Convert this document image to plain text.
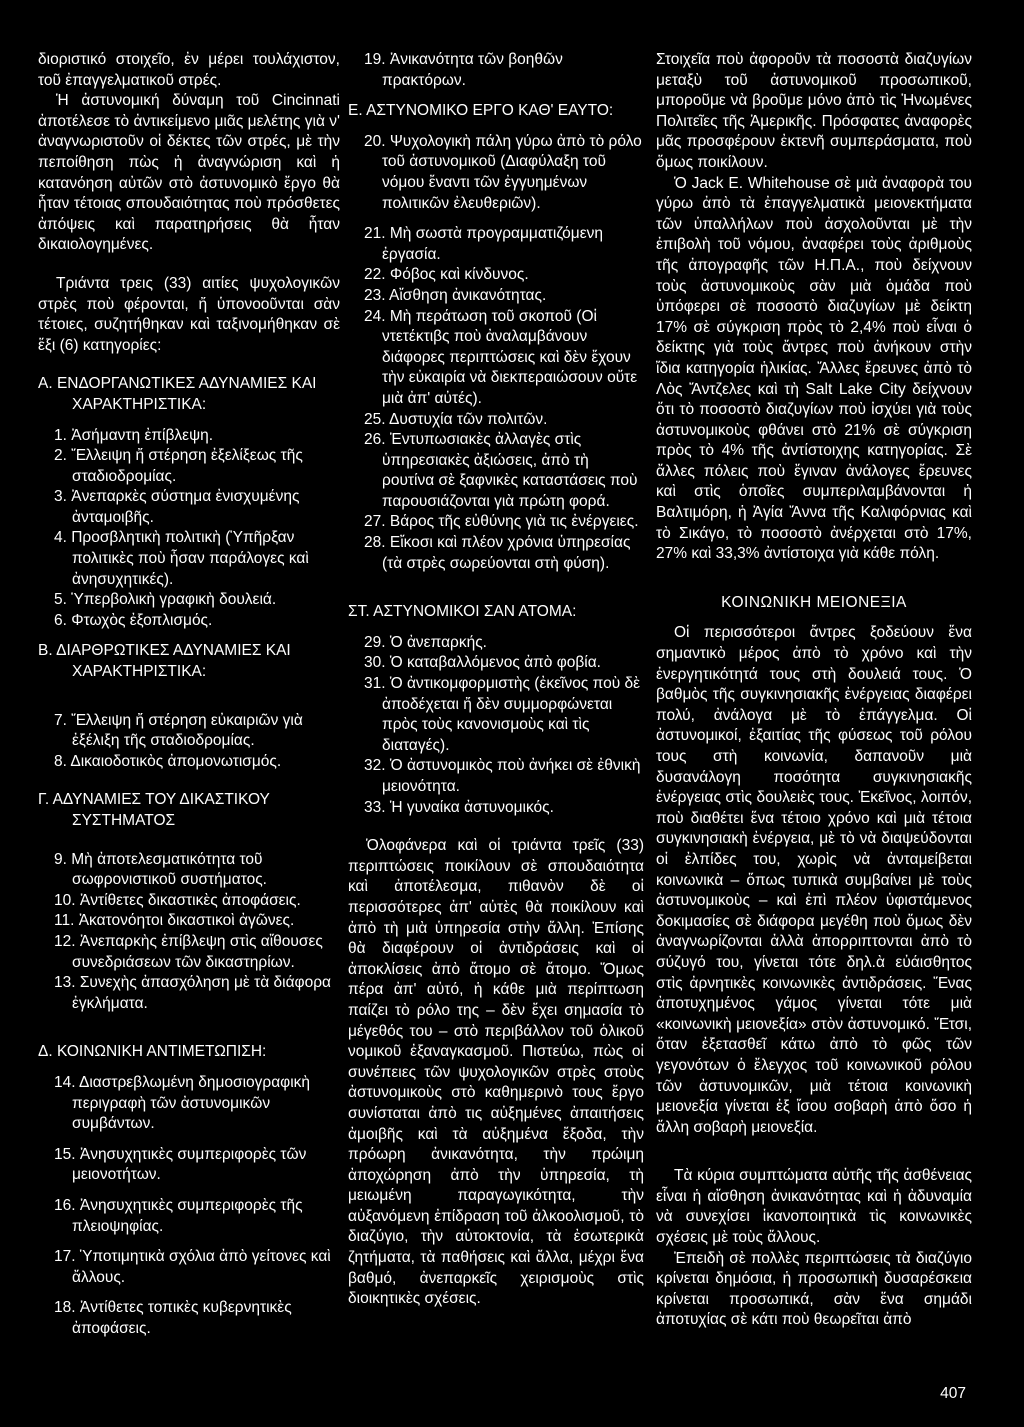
διοριστικό στοιχεῖο, ἐν μέρει τουλάχιστον, τοῦ ἐπαγγελματικοῦ στρές.

Ἡ ἀστυνομική δύναμη τοῦ Cincinnati ἀποτέλεσε τὸ ἀντικείμενο μιᾶς μελέτης γιὰ ν' ἀναγνωριστοῦν οἱ δέκτες τῶν στρές, μὲ τὴν πεποίθηση πὼς ἡ ἀναγνώριση καὶ ἡ κατανόηση αὐτῶν στὸ ἀστυνομικὸ ἔργο θὰ ἦταν τέτοιας σπουδαιότητας ποὺ πρόσθετες ἀπόψεις καὶ παρατηρήσεις θὰ ἦταν δικαιολογημένες.

Τριάντα τρεις (33) αιτίες ψυχολογικῶν στρὲς ποὺ φέρονται, ἤ ὑπονοοῦνται σὰν τέτοιες, συζητήθηκαν καὶ ταξινομήθηκαν σὲ ἕξι (6) κατηγορίες:

Α. ΕΝΔΟΡΓΑΝΩΤΙΚΕΣ ΑΔΥΝΑΜΙΕΣ ΚΑΙ ΧΑΡΑΚΤΗΡΙΣΤΙΚΑ:

1. Ἀσήμαντη ἐπίβλεψη.

2. Ἔλλειψη ἤ στέρηση ἐξελίξεως τῆς σταδιοδρομίας.

3. Ἀνεπαρκὲς σύστημα ἐνισχυμένης ἀνταμοιβῆς.

4. Προσβλητικὴ πολιτικὴ (Ὑπῆρξαν πολιτικὲς ποὺ ἦσαν παράλογες καὶ ἀνησυχητικές).

5. Ὑπερβολικὴ γραφικὴ δουλειά.

6. Φτωχὸς ἐξοπλισμός.

Β. ΔΙΑΡΘΡΩΤΙΚΕΣ ΑΔΥΝΑΜΙΕΣ ΚΑΙ ΧΑΡΑΚΤΗΡΙΣΤΙΚΑ:

7. Ἔλλειψη ἤ στέρηση εὐκαιριῶν γιὰ ἐξέλιξη τῆς σταδιοδρομίας.

8. Δικαιοδοτικὸς ἀπομονωτισμός.

Γ. ΑΔΥΝΑΜΙΕΣ ΤΟΥ ΔΙΚΑΣΤΙΚΟΥ ΣΥΣΤΗΜΑΤΟΣ

9. Μὴ ἀποτελεσματικότητα τοῦ σωφρονιστικοῦ συστήματος.

10. Ἀντίθετες δικαστικὲς ἀποφάσεις.

11. Ἀκατονόητοι δικαστικοὶ ἀγῶνες.

12. Ἀνεπαρκὴς ἐπίβλεψη στὶς αἴθουσες συνεδριάσεων τῶν δικαστηρίων.

13. Συνεχὴς ἀπασχόληση μὲ τὰ διάφορα ἐγκλήματα.

Δ. ΚΟΙΝΩΝΙΚΗ ΑΝΤΙΜΕΤΩΠΙΣΗ:

14. Διαστρεβλωμένη δημοσιογραφικὴ περιγραφὴ τῶν ἀστυνομικῶν συμβάντων.

15. Ἀνησυχητικὲς συμπεριφορὲς τῶν μειονοτήτων.

16. Ἀνησυχητικὲς συμπεριφορὲς τῆς πλειοψηφίας.

17. Ὑποτιμητικὰ σχόλια ἀπὸ γείτονες καὶ ἄλλους.

18. Ἀντίθετες τοπικὲς κυβερνητικὲς ἀποφάσεις.

19. Ἀνικανότητα τῶν βοηθῶν πρακτόρων.

Ε. ΑΣΤΥΝΟΜΙΚΟ ΕΡΓΟ ΚΑΘ' ΕΑΥΤΟ:

20. Ψυχολογικὴ πάλη γύρω ἀπὸ τὸ ρόλο τοῦ ἀστυνομικοῦ (Διαφύλαξη τοῦ νόμου ἔναντι τῶν ἐγγυημένων πολιτικῶν ἐλευθεριῶν).

21. Μὴ σωστὰ προγραμματιζόμενη ἐργασία.

22. Φόβος καὶ κίνδυνος.

23. Αἴσθηση ἀνικανότητας.

24. Μὴ περάτωση τοῦ σκοποῦ (Οἱ ντετέκτιβς ποὺ ἀναλαμβάνουν διάφορες περιπτώσεις καὶ δὲν ἔχουν τὴν εὐκαιρία νὰ διεκπεραιώσουν οὔτε μιὰ ἀπ' αὐτές).

25. Δυστυχία τῶν πολιτῶν.

26. Ἐντυπωσιακὲς ἀλλαγὲς στὶς ὑπηρεσιακὲς ἀξιώσεις, ἀπὸ τὴ ρουτίνα σὲ ξαφνικὲς καταστάσεις ποὺ παρουσιάζονται γιὰ πρώτη φορά.

27. Βάρος τῆς εὐθύνης γιὰ τις ἐνέργειες.

28. Εἴκοσι καὶ πλέον χρόνια ὑπηρεσίας (τὰ στρὲς σωρεύονται στὴ φύση).

ΣΤ. ΑΣΤΥΝΟΜΙΚΟΙ ΣΑΝ ΑΤΟΜΑ:

29. Ὁ ἀνεπαρκής.

30. Ὁ καταβαλλόμενος ἀπὸ φοβία.

31. Ὁ ἀντικομφορμιστὴς (ἐκεῖνος ποὺ δὲ ἀποδέχεται ἤ δὲν συμμορφώνεται πρὸς τοὺς κανονισμοὺς καὶ τὶς διαταγές).

32. Ὁ ἀστυνομικὸς ποὺ ἀνήκει σὲ ἐθνικὴ μειονότητα.

33. Ἡ γυναίκα ἀστυνομικός.

Ὁλοφάνερα καὶ οἱ τριάντα τρεῖς (33) περιπτώσεις ποικίλουν σὲ σπουδαιότητα καὶ ἀποτέλεσμα, πιθανὸν δὲ οἱ περισσότερες ἀπ' αὐτὲς θὰ ποικίλουν καὶ ἀπὸ τὴ μιὰ ὑπηρεσία στὴν ἄλλη. Ἐπίσης θὰ διαφέρουν οἱ ἀντιδράσεις καὶ οἱ ἀποκλίσεις ἀπὸ ἄτομο σὲ ἄτομο. Ὅμως πέρα ἀπ' αὐτό, ἡ κάθε μιὰ περίπτωση παίζει τὸ ρόλο της – δὲν ἔχει σημασία τὸ μέγεθός του – στὸ περιβάλλον τοῦ ὁλικοῦ νομικοῦ ἐξαναγκασμοῦ. Πιστεύω, πὼς οἱ συνέπειες τῶν ψυχολογικῶν στρὲς στοὺς ἀστυνομικοὺς στὸ καθημερινὸ τους ἔργο συνίσταται ἀπὸ τις αὐξημένες ἀπαιτήσεις ἀμοιβῆς καὶ τὰ αὐξημένα ἔξοδα, τὴν πρόωρη ἀνικανότητα, τὴν πρώιμη ἀποχώρηση ἀπὸ τὴν ὑπηρεσία, τὴ μειωμένη παραγωγικότητα, τὴν αὐξανόμενη ἐπίδραση τοῦ ἀλκοολισμοῦ, τὸ διαζύγιο, τὴν αὐτοκτονία, τὰ ἐσωτερικὰ ζητήματα, τὰ παθήσεις καὶ ἄλλα, μέχρι ἕνα βαθμό, ἀνεπαρκεῖς χειρισμοὺς στὶς διοικητικὲς σχέσεις.

Στοιχεῖα ποὺ ἀφοροῦν τὰ ποσοστὰ διαζυγίων μεταξὺ τοῦ ἀστυνομικοῦ προσωπικοῦ, μποροῦμε νὰ βροῦμε μόνο ἀπὸ τὶς Ἡνωμένες Πολιτεῖες τῆς Ἀμερικῆς. Πρόσφατες ἀναφορὲς μᾶς προσφέρουν ἐκτενῆ συμπεράσματα, ποὺ ὅμως ποικίλουν.

Ὁ Jack E. Whitehouse σὲ μιὰ ἀναφορὰ του γύρω ἀπὸ τὰ ἐπαγγελματικὰ μειονεκτήματα τῶν ὑπαλλήλων ποὺ ἀσχολοῦνται μὲ τὴν ἐπιβολὴ τοῦ νόμου, ἀναφέρει τοὺς ἀριθμοὺς τῆς ἀπογραφῆς τῶν Η.Π.Α., ποὺ δείχνουν τοὺς ἀστυνομικοὺς σὰν μιὰ ὁμάδα ποὺ ὑπόφερει σὲ ποσοστὸ διαζυγίων μὲ δείκτη 17% σὲ σύγκριση πρὸς τὸ 2,4% ποὺ εἶναι ὁ δείκτης γιὰ τοὺς ἄντρες ποὺ ἀνήκουν στὴν ἴδια κατηγορία ἡλικίας. Ἄλλες ἔρευνες ἀπὸ τὸ Λὸς Ἄντζελες καὶ τὴ Salt Lake City δείχνουν ὅτι τὸ ποσοστὸ διαζυγίων ποὺ ἰσχύει γιὰ τοὺς ἀστυνομικοὺς φθάνει στὸ 21% σὲ σύγκριση πρὸς τὸ 4% τῆς ἀντίστοιχης κατηγορίας. Σὲ ἄλλες πόλεις ποὺ ἔγιναν ἀνάλογες ἔρευνες καὶ στὶς ὁποῖες συμπεριλαμβάνονται ἡ Βαλτιμόρη, ἡ Ἁγία Ἄννα τῆς Καλιφόρνιας καὶ τὸ Σικάγο, τὸ ποσοστὸ ἀνέρχεται στὸ 17%, 27% καὶ 33,3% ἀντίστοιχα γιὰ κάθε πόλη.

ΚΟΙΝΩΝΙΚΗ ΜΕΙΟΝΕΞΙΑ

Οἱ περισσότεροι ἄντρες ξοδεύουν ἕνα σημαντικὸ μέρος ἀπὸ τὸ χρόνο καὶ τὴν ἐνεργητικότητά τους στὴ δουλειά τους. Ὁ βαθμὸς τῆς συγκινησιακῆς ἐνέργειας διαφέρει πολύ, ἀνάλογα μὲ τὸ ἐπάγγελμα. Οἱ ἀστυνομικοί, ἐξαιτίας τῆς φύσεως τοῦ ρόλου τους στὴ κοινωνία, δαπανοῦν μιὰ δυσανάλογη ποσότητα συγκινησιακῆς ἐνέργειας στὶς δουλειὲς τους. Ἐκεῖνος, λοιπόν, ποὺ διαθέτει ἕνα τέτοιο χρόνο καὶ μιὰ τέτοια συγκινησιακὴ ἐνέργεια, μὲ τὸ νὰ διαψεύδονται οἱ ἐλπίδες του, χωρὶς νὰ ἀνταμείβεται κοινωνικὰ – ὅπως τυπικὰ συμβαίνει μὲ τοὺς ἀστυνομικοὺς – καὶ ἐπὶ πλέον ὑφιστάμενος δοκιμασίες σὲ διάφορα μεγέθη ποὺ ὅμως δὲν ἀναγνωρίζονται ἀλλὰ ἀπορριπτονται ἀπὸ τὸ σύζυγό του, γίνεται τότε δηλ.ὰ εὐάισθητος στὶς ἀρνητικὲς κοινωνικὲς ἀντιδράσεις. Ἕνας ἀποτυχημένος γάμος γίνεται τότε μιὰ «κοινωνικὴ μειονεξία» στὸν ἀστυνομικό. Ἔτσι, ὅταν ἐξετασθεῖ κάτω ἀπὸ τὸ φῶς τῶν γεγονότων ὁ ἔλεγχος τοῦ κοινωνικοῦ ρόλου τῶν ἀστυνομικῶν, μιὰ τέτοια κοινωνικὴ μειονεξία γίνεται ἐξ ἴσου σοβαρὴ ἀπὸ ὅσο ἡ ἄλλη σοβαρὴ μειονεξία.

Τὰ κύρια συμπτώματα αὐτῆς τῆς ἀσθένειας εἶναι ἡ αἴσθηση ἀνικανότητας καὶ ἡ ἀδυναμία νὰ συνεχίσει ἱκανοποιητικὰ τὶς κοινωνικὲς σχέσεις μὲ τοὺς ἄλλους.

Ἐπειδὴ σὲ πολλὲς περιπτώσεις τὰ διαζύγιο κρίνεται δημόσια, ἡ προσωπικὴ δυσαρέσκεια κρίνεται προσωπικά, σὰν ἕνα σημάδι ἀποτυχίας σὲ κάτι ποὺ θεωρεῖται ἀπὸ

407
